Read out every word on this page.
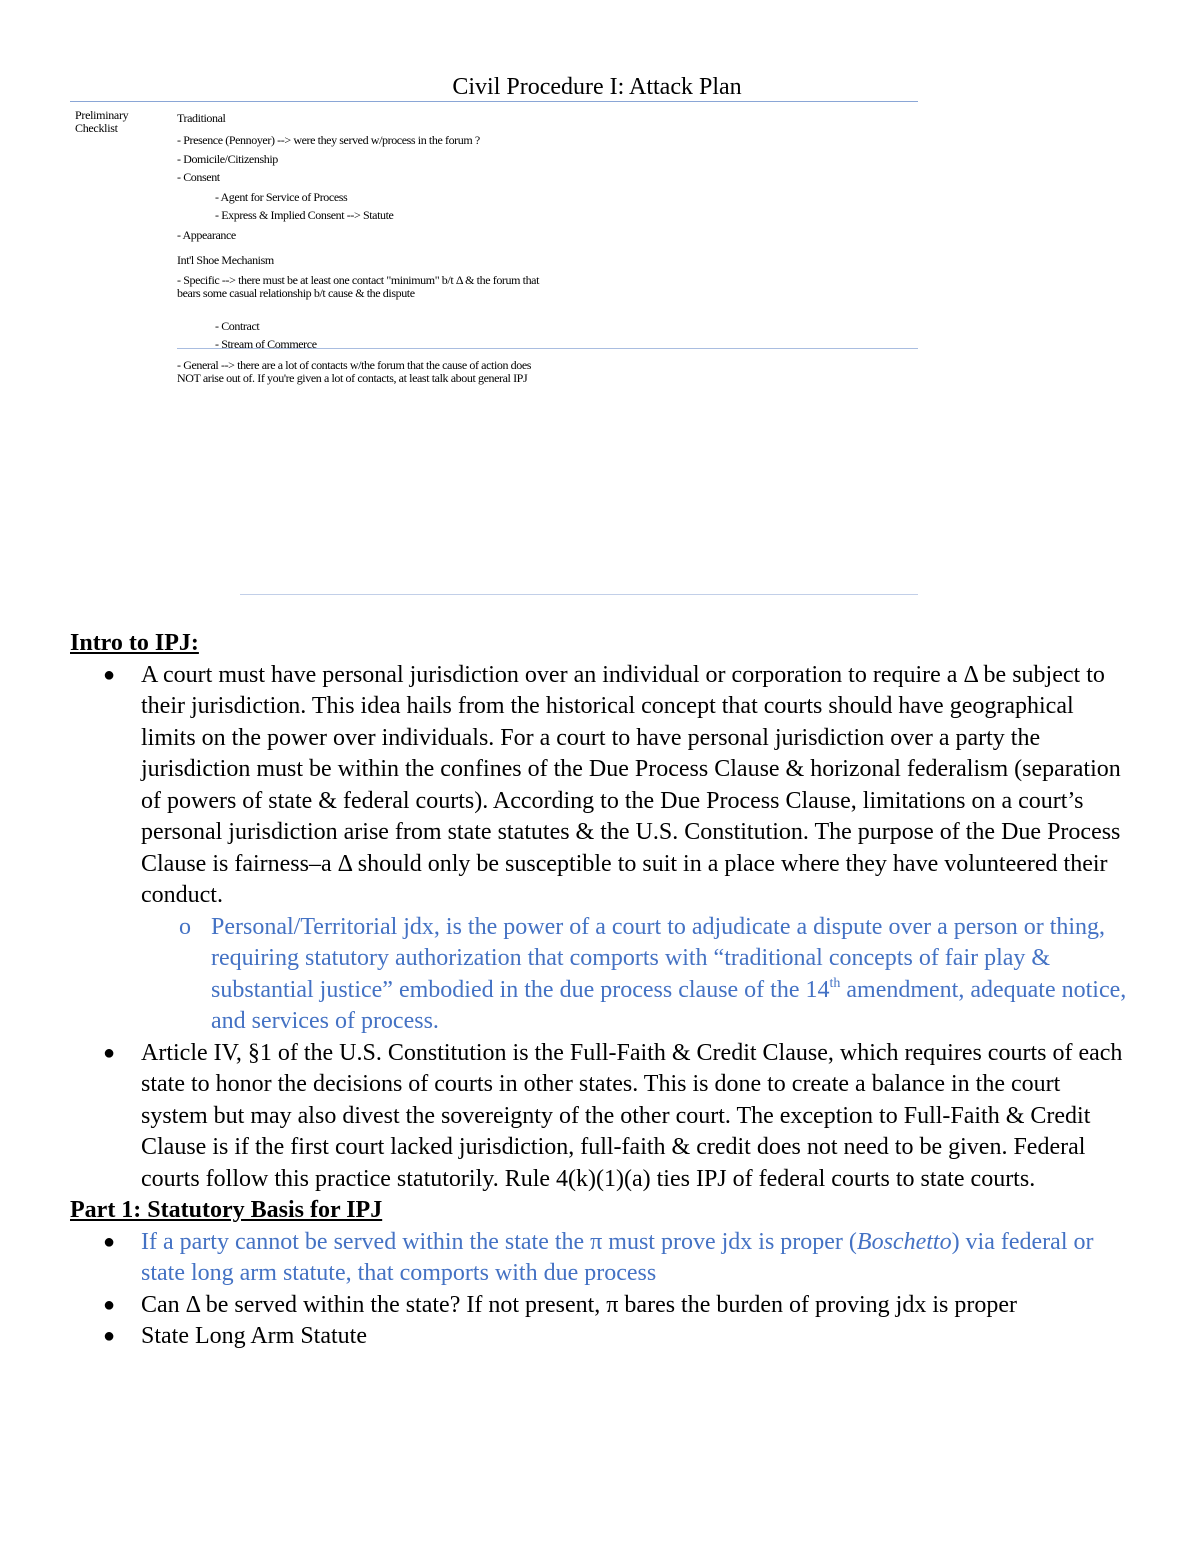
Civil Procedure I: Attack Plan
Preliminary Checklist
Traditional
- Presence (Pennoyer) --> were they served w/process in the forum ?
- Domicile/Citizenship
- Consent
- Agent for Service of Process
- Express & Implied Consent --> Statute
- Appearance
Int'l Shoe Mechanism
- Specific --> there must be at least one contact "minimum" b/t Δ & the forum that bears some casual relationship b/t cause & the dispute
- Contract
- Stream of Commerce
- General --> there are a lot of contacts w/the forum that the cause of action does NOT arise out of. If you're given a lot of contacts, at least talk about general IPJ

Intro to IPJ:

● A court must have personal jurisdiction over an individual or corporation to require a Δ be subject to their jurisdiction. This idea hails from the historical concept that courts should have geographical limits on the power over individuals. For a court to have personal jurisdiction over a party the jurisdiction must be within the confines of the Due Process Clause & horizonal federalism (separation of powers of state & federal courts). According to the Due Process Clause, limitations on a court’s personal jurisdiction arise from state statutes & the U.S. Constitution. The purpose of the Due Process Clause is fairness–a Δ should only be susceptible to suit in a place where they have volunteered their conduct.
o Personal/Territorial jdx, is the power of a court to adjudicate a dispute over a person or thing, requiring statutory authorization that comports with “traditional concepts of fair play & substantial justice” embodied in the due process clause of the 14th amendment, adequate notice, and services of process.
● Article IV, §1 of the U.S. Constitution is the Full-Faith & Credit Clause, which requires courts of each state to honor the decisions of courts in other states. This is done to create a balance in the court system but may also divest the sovereignty of the other court. The exception to Full-Faith & Credit Clause is if the first court lacked jurisdiction, full-faith & credit does not need to be given. Federal courts follow this practice statutorily. Rule 4(k)(1)(a) ties IPJ of federal courts to state courts.

Part 1: Statutory Basis for IPJ

● If a party cannot be served within the state the π must prove jdx is proper (Boschetto) via federal or state long arm statute, that comports with due process
● Can Δ be served within the state? If not present, π bares the burden of proving jdx is proper
● State Long Arm Statute
